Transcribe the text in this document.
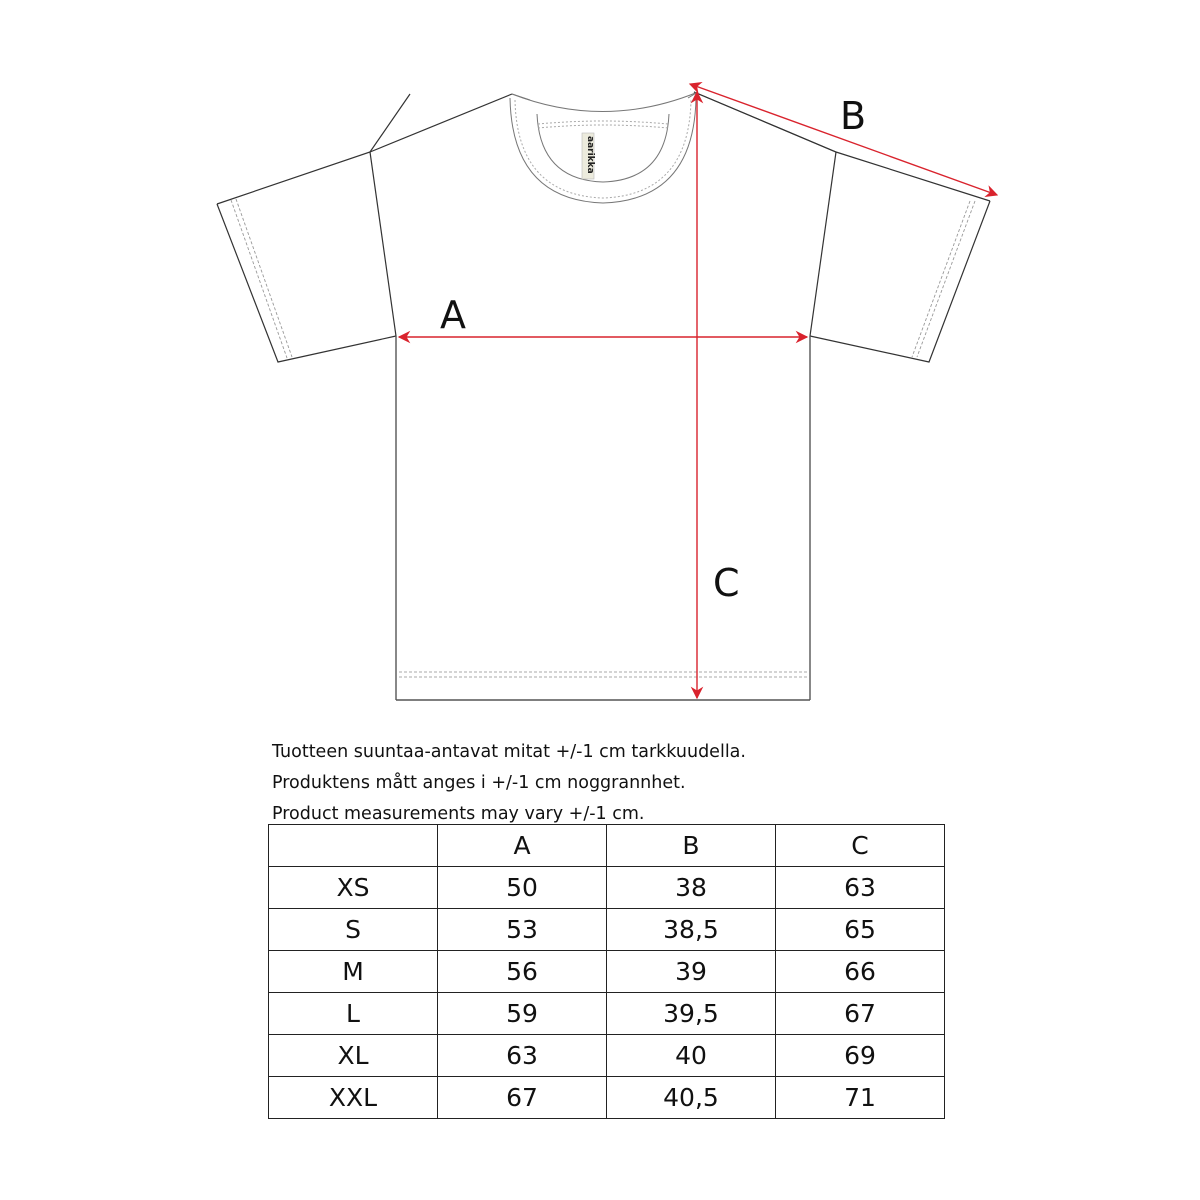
aarikka
A
B
C
Tuotteen suuntaa-antavat mitat +/-1 cm tarkkuudella.
Produktens mått anges i +/-1 cm noggrannhet.
Product measurements may vary +/-1 cm.
	A	B	C
XS	50	38	63
S	53	38,5	65
M	56	39	66
L	59	39,5	67
XL	63	40	69
XXL	67	40,5	71
